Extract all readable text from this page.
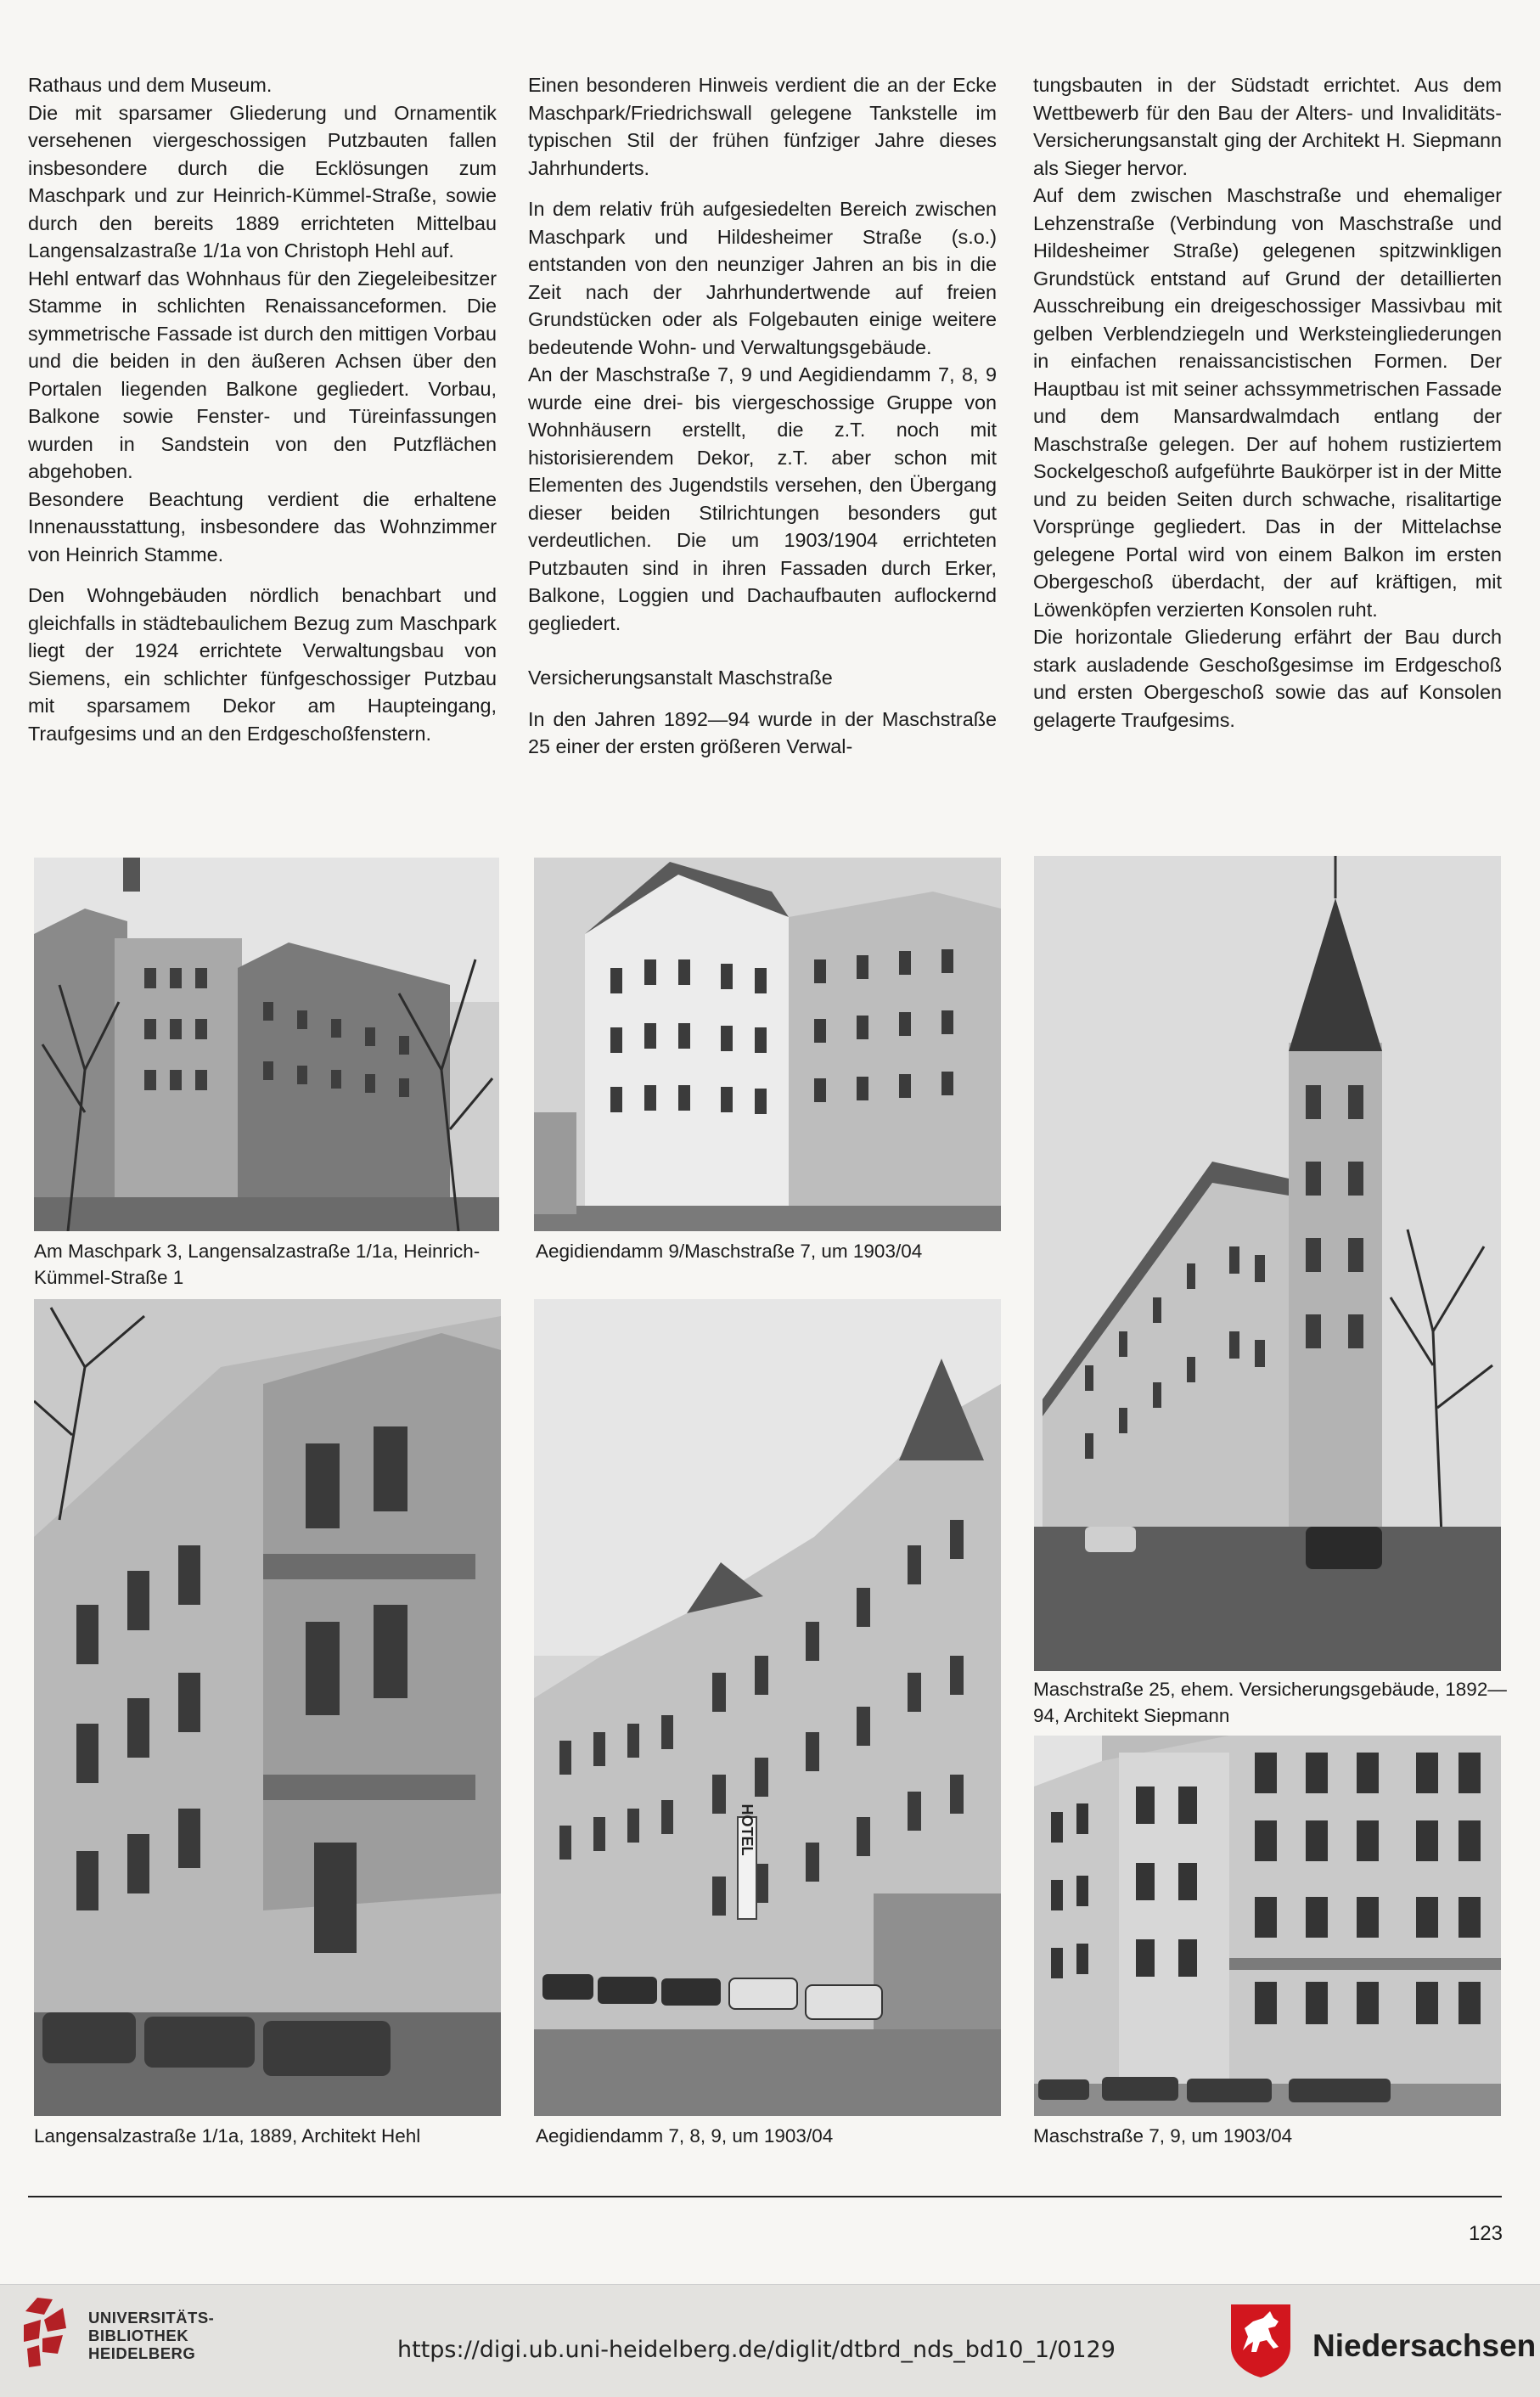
Rathaus und dem Museum.

Die mit sparsamer Gliederung und Ornamentik versehenen viergeschossigen Putzbauten fallen insbesondere durch die Ecklösungen zum Maschpark und zur Heinrich-Kümmel-Straße, sowie durch den bereits 1889 errichteten Mittelbau Langensalzastraße 1/1a von Christoph Hehl auf.

Hehl entwarf das Wohnhaus für den Ziegeleibesitzer Stamme in schlichten Renaissanceformen. Die symmetrische Fassade ist durch den mittigen Vorbau und die beiden in den äußeren Achsen über den Portalen liegenden Balkone gegliedert. Vorbau, Balkone sowie Fenster- und Türeinfassungen wurden in Sandstein von den Putzflächen abgehoben.

Besondere Beachtung verdient die erhaltene Innenausstattung, insbesondere das Wohnzimmer von Heinrich Stamme.

Den Wohngebäuden nördlich benachbart und gleichfalls in städtebaulichem Bezug zum Maschpark liegt der 1924 errichtete Verwaltungsbau von Siemens, ein schlichter fünfgeschossiger Putzbau mit sparsamem Dekor am Haupteingang, Traufgesims und an den Erdgeschoßfenstern.

Einen besonderen Hinweis verdient die an der Ecke Maschpark/Friedrichswall gelegene Tankstelle im typischen Stil der frühen fünfziger Jahre dieses Jahrhunderts.

In dem relativ früh aufgesiedelten Bereich zwischen Maschpark und Hildesheimer Straße (s.o.) entstanden von den neunziger Jahren an bis in die Zeit nach der Jahrhundertwende auf freien Grundstücken oder als Folgebauten einige weitere bedeutende Wohn- und Verwaltungsgebäude.

An der Maschstraße 7, 9 und Aegidiendamm 7, 8, 9 wurde eine drei- bis viergeschossige Gruppe von Wohnhäusern erstellt, die z.T. noch mit historisierendem Dekor, z.T. aber schon mit Elementen des Jugendstils versehen, den Übergang dieser beiden Stilrichtungen besonders gut verdeutlichen. Die um 1903/1904 errichteten Putzbauten sind in ihren Fassaden durch Erker, Balkone, Loggien und Dachaufbauten auflockernd gegliedert.

Versicherungsanstalt Maschstraße

In den Jahren 1892—94 wurde in der Maschstraße 25 einer der ersten größeren Verwal-

tungsbauten in der Südstadt errichtet. Aus dem Wettbewerb für den Bau der Alters- und Invaliditäts-Versicherungsanstalt ging der Architekt H. Siepmann als Sieger hervor.

Auf dem zwischen Maschstraße und ehemaliger Lehzenstraße (Verbindung von Maschstraße und Hildesheimer Straße) gelegenen spitzwinkligen Grundstück entstand auf Grund der detaillierten Ausschreibung ein dreigeschossiger Massivbau mit gelben Verblendziegeln und Werksteingliederungen in einfachen renaissancistischen Formen. Der Hauptbau ist mit seiner achssymmetrischen Fassade und dem Mansardwalmdach entlang der Maschstraße gelegen. Der auf hohem rustiziertem Sockelgeschoß aufgeführte Baukörper ist in der Mitte und zu beiden Seiten durch schwache, risalitartige Vorsprünge gegliedert. Das in der Mittelachse gelegene Portal wird von einem Balkon im ersten Obergeschoß überdacht, der auf kräftigen, mit Löwenköpfen verzierten Konsolen ruht.

Die horizontale Gliederung erfährt der Bau durch stark ausladende Geschoßgesimse im Erdgeschoß und ersten Obergeschoß sowie das auf Konsolen gelagerte Traufgesims.

Am Maschpark 3, Langensalzastraße 1/1a, Heinrich-Kümmel-Straße 1
Aegidiendamm 9/Maschstraße 7, um 1903/04
Maschstraße 25, ehem. Versicherungsgebäude, 1892—94, Architekt Siepmann
Langensalzastraße 1/1a, 1889, Architekt Hehl
HOTEL
Aegidiendamm 7, 8, 9, um 1903/04	Maschstraße 7, 9, um 1903/04
123
UNIVERSITÄTS-
BIBLIOTHEK
HEIDELBERG	https://digi.ub.uni-heidelberg.de/diglit/dtbrd_nds_bd10_1/0129	Niedersachsen
